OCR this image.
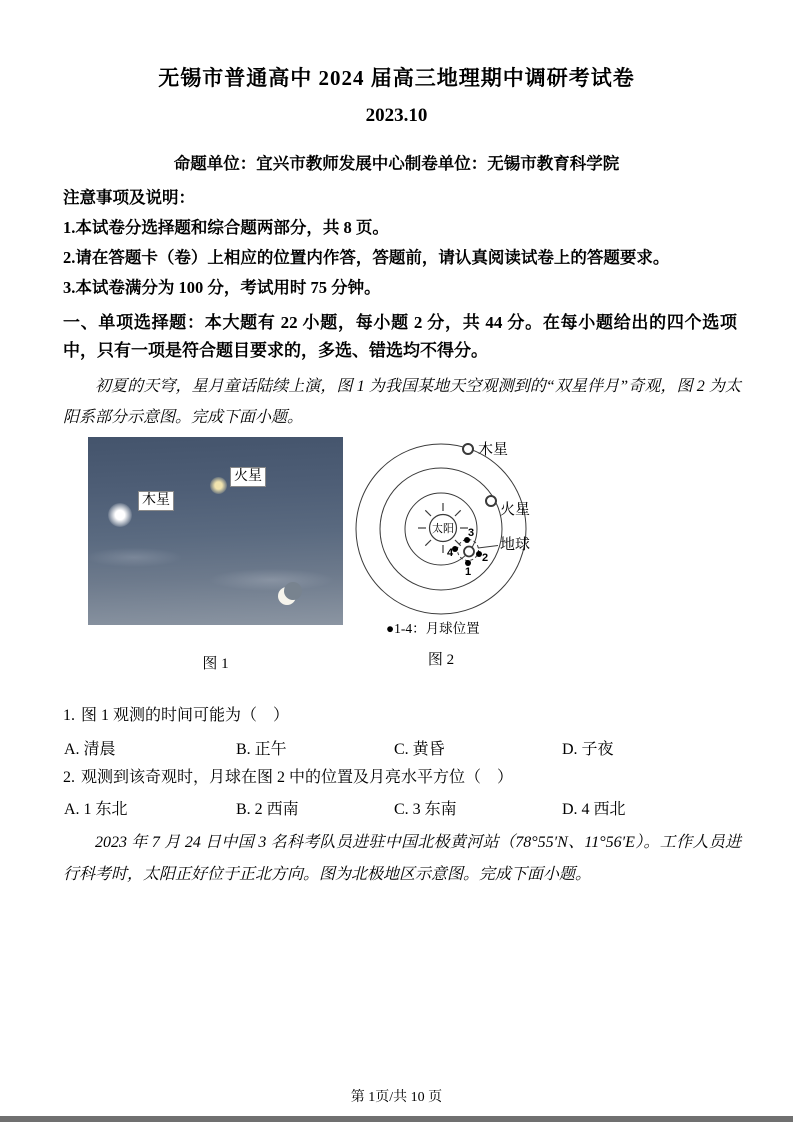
无锡市普通高中 2024 届高三地理期中调研考试卷
2023.10
命题单位：宜兴市教师发展中心制卷单位：无锡市教育科学院
注意事项及说明：
1.本试卷分选择题和综合题两部分，共 8 页。
2.请在答题卡（卷）上相应的位置内作答，答题前，请认真阅读试卷上的答题要求。
3.本试卷满分为 100 分，考试用时 75 分钟。
一、单项选择题：本大题有 22 小题，每小题 2 分，共 44 分。在每小题给出的四个选项中，只有一项是符合题目要求的，多选、错选均不得分。
初夏的天穹，星月童话陆续上演，图 1 为我国某地天空观测到的“双星伴月”奇观，图 2 为太阳系部分示意图。完成下面小题。
木星
火星
太阳
木星
火星
地球
3
4	2
1
●1-4：月球位置
图 1	图 2
1. 图 1 观测的时间可能为（　）
A. 清晨	B. 正午	C. 黄昏	D. 子夜
2. 观测到该奇观时，月球在图 2 中的位置及月亮水平方位（　）
A. 1 东北	B. 2 西南	C. 3 东南	D. 4 西北
2023 年 7 月 24 日中国 3 名科考队员进驻中国北极黄河站（78°55′N、11°56′E）。工作人员进行科考时，太阳正好位于正北方向。图为北极地区示意图。完成下面小题。
第 1页/共 10 页
